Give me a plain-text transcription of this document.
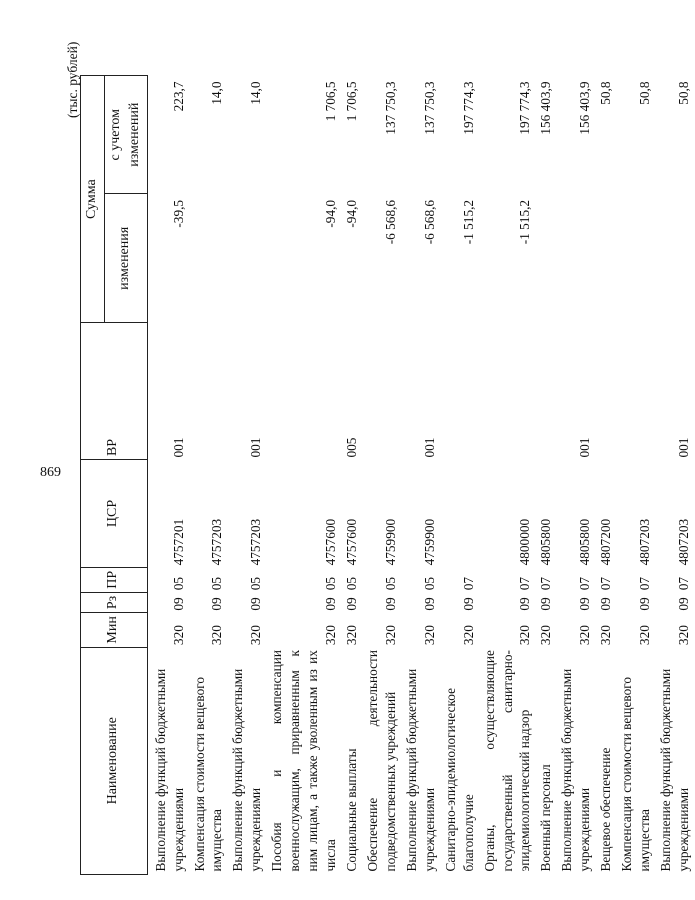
869
(тыс. рублей)
Наименование	Мин	Рз	ПР	ЦСР	ВР	Сумма	
						изменения	с учетом изменений
Выполнение функций бюджетными учреждениями	320	09	05	4757201	001	-39,5	223,7
Компенсация стоимости вещевого имущества	320	09	05	4757203			14,0
Выполнение функций бюджетными учреждениями	320	09	05	4757203	001		14,0
Пособия и компенсации военнослужащим, приравненным к ним лицам, а также уволенным из их числа	320	09	05	4757600		-94,0	1 706,5
Социальные выплаты	320	09	05	4757600	005	-94,0	1 706,5
Обеспечение деятельности подведомственных учреждений	320	09	05	4759900		-6 568,6	137 750,3
Выполнение функций бюджетными учреждениями	320	09	05	4759900	001	-6 568,6	137 750,3
Санитарно-эпидемиологическое благополучие	320	09	07			-1 515,2	197 774,3
Органы, осуществляющие государственный санитарно-эпидемиологический надзор	320	09	07	4800000		-1 515,2	197 774,3
Военный персонал	320	09	07	4805800			156 403,9
Выполнение функций бюджетными учреждениями	320	09	07	4805800	001		156 403,9
Вещевое обеспечение	320	09	07	4807200			50,8
Компенсация стоимости вещевого имущества	320	09	07	4807203			50,8
Выполнение функций бюджетными учреждениями	320	09	07	4807203	001		50,8
